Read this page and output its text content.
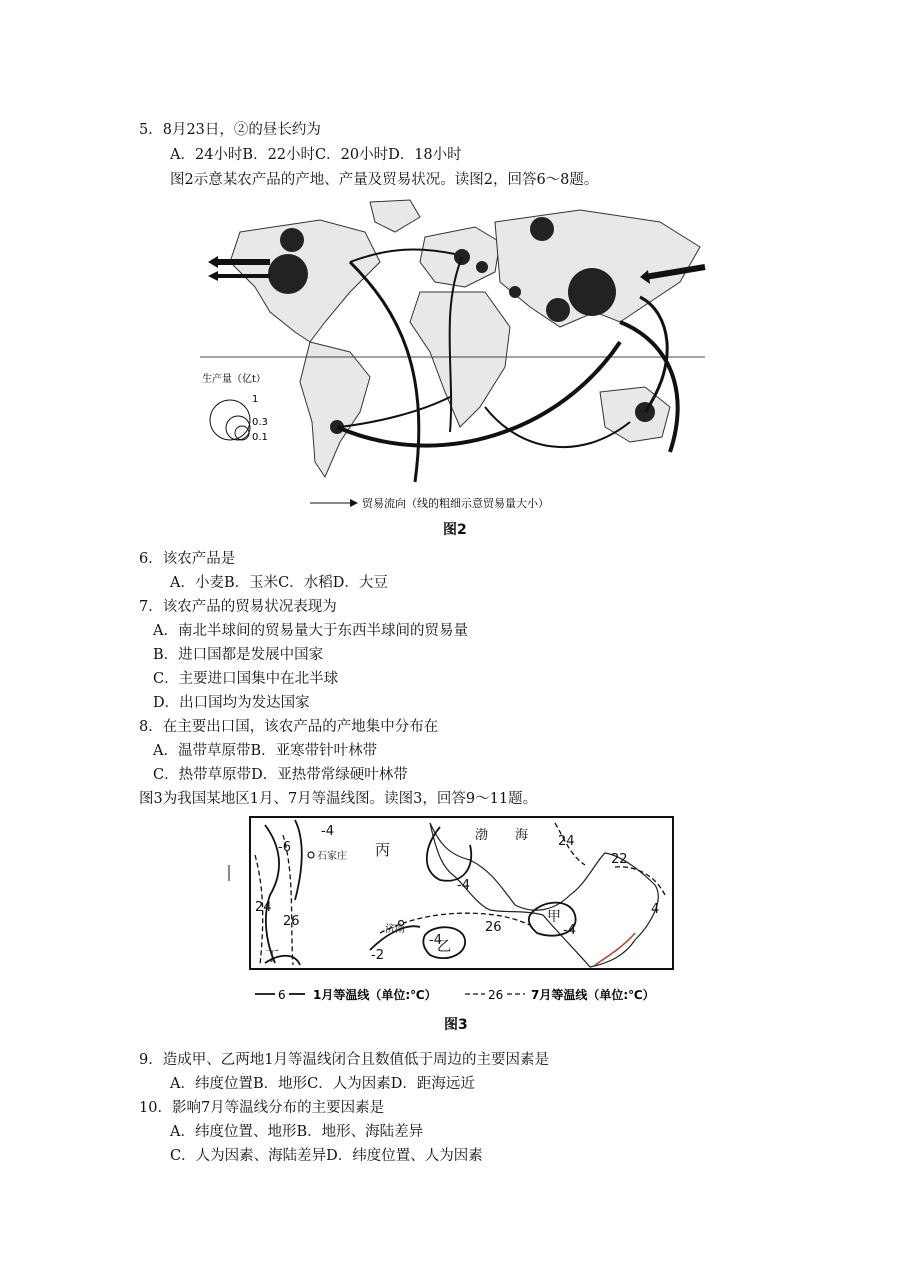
5．8月23日，②的昼长约为
A．24小时B．22小时C．20小时D．18小时
图2示意某农产品的产地、产量及贸易状况。读图2，回答6～8题。
生产量（亿t）
1
0.3
0.1
贸易流向（线的粗细示意贸易量大小）
图2
6．该农产品是
A．小麦B．玉米C．水稻D．大豆
7．该农产品的贸易状况表现为
A．南北半球间的贸易量大于东西半球间的贸易量
B．进口国都是发展中国家
C．主要进口国集中在北半球
D．出口国均为发达国家
8．在主要出口国，该农产品的产地集中分布在
A．温带草原带B．亚寒带针叶林带
C．热带草原带D．亚热带常绿硬叶林带
图3为我国某地区1月、7月等温线图。读图3，回答9～11题。
丙
渤 海
甲
乙
丁
石家庄
济南
-6
-4
-4
-4
-2
-4
24
26	26
24
22
4
6 1月等温线（单位:℃）	26 7月等温线（单位:℃）
图3
9．造成甲、乙两地1月等温线闭合且数值低于周边的主要因素是
A．纬度位置B．地形C．人为因素D．距海远近
10．影响7月等温线分布的主要因素是
A．纬度位置、地形B．地形、海陆差异
C．人为因素、海陆差异D．纬度位置、人为因素
